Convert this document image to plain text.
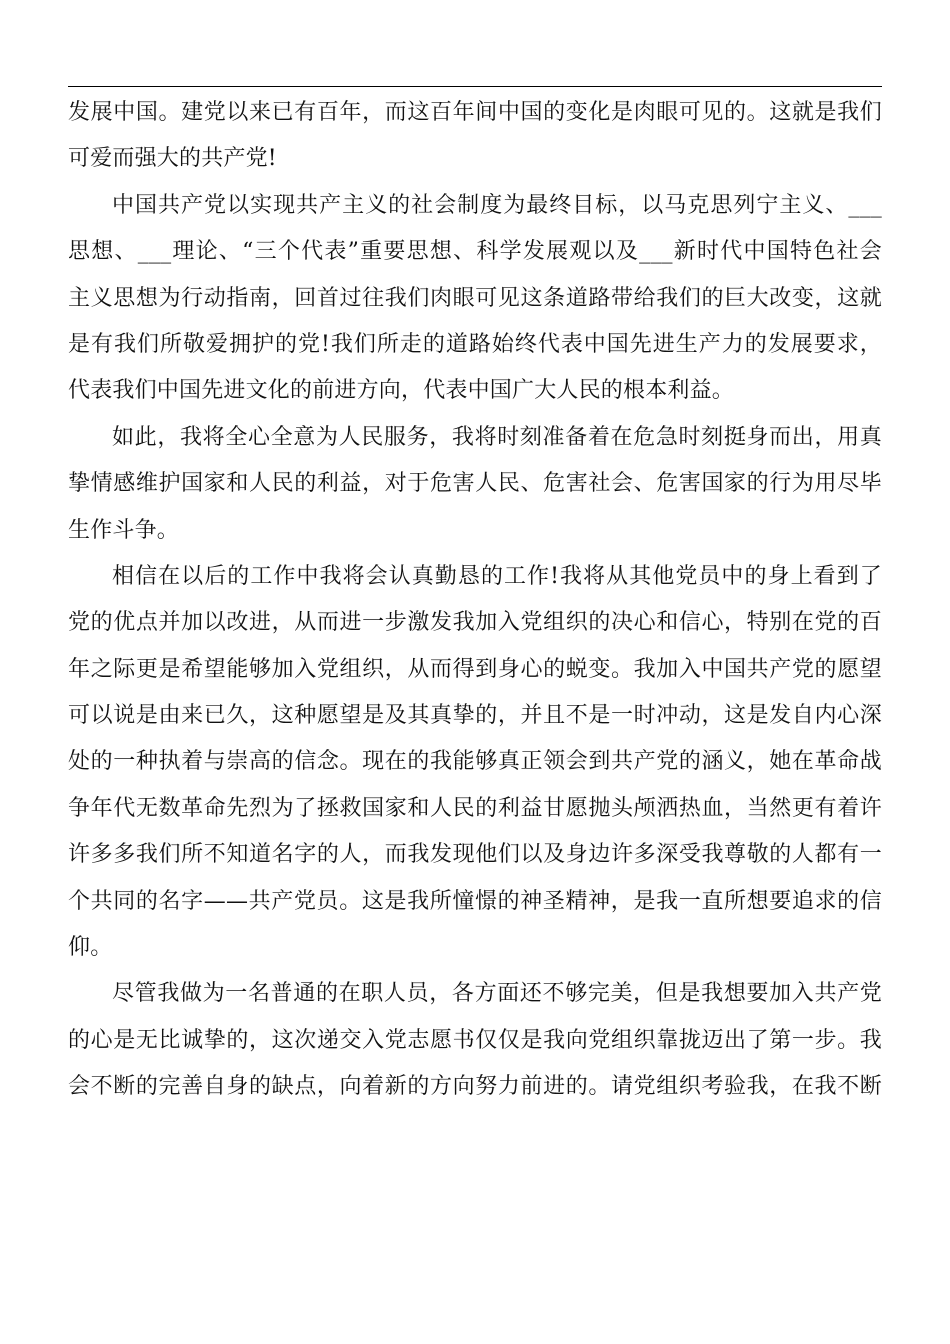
发展中国。建党以来已有百年，而这百年间中国的变化是肉眼可见的。这就是我们
可爱而强大的共产党!
中国共产党以实现共产主义的社会制度为最终目标，以马克思列宁主义、___
思想、___理论、“三个代表”重要思想、科学发展观以及___新时代中国特色社会
主义思想为行动指南，回首过往我们肉眼可见这条道路带给我们的巨大改变，这就
是有我们所敬爱拥护的党!我们所走的道路始终代表中国先进生产力的发展要求，
代表我们中国先进文化的前进方向，代表中国广大人民的根本利益。
如此，我将全心全意为人民服务，我将时刻准备着在危急时刻挺身而出，用真
挚情感维护国家和人民的利益，对于危害人民、危害社会、危害国家的行为用尽毕
生作斗争。
相信在以后的工作中我将会认真勤恳的工作!我将从其他党员中的身上看到了
党的优点并加以改进，从而进一步激发我加入党组织的决心和信心，特别在党的百
年之际更是希望能够加入党组织，从而得到身心的蜕变。我加入中国共产党的愿望
可以说是由来已久，这种愿望是及其真挚的，并且不是一时冲动，这是发自内心深
处的一种执着与崇高的信念。现在的我能够真正领会到共产党的涵义，她在革命战
争年代无数革命先烈为了拯救国家和人民的利益甘愿抛头颅洒热血，当然更有着许
许多多我们所不知道名字的人，而我发现他们以及身边许多深受我尊敬的人都有一
个共同的名字——共产党员。这是我所憧憬的神圣精神，是我一直所想要追求的信
仰。
尽管我做为一名普通的在职人员，各方面还不够完美，但是我想要加入共产党
的心是无比诚挚的，这次递交入党志愿书仅仅是我向党组织靠拢迈出了第一步。我
会不断的完善自身的缺点，向着新的方向努力前进的。请党组织考验我，在我不断
